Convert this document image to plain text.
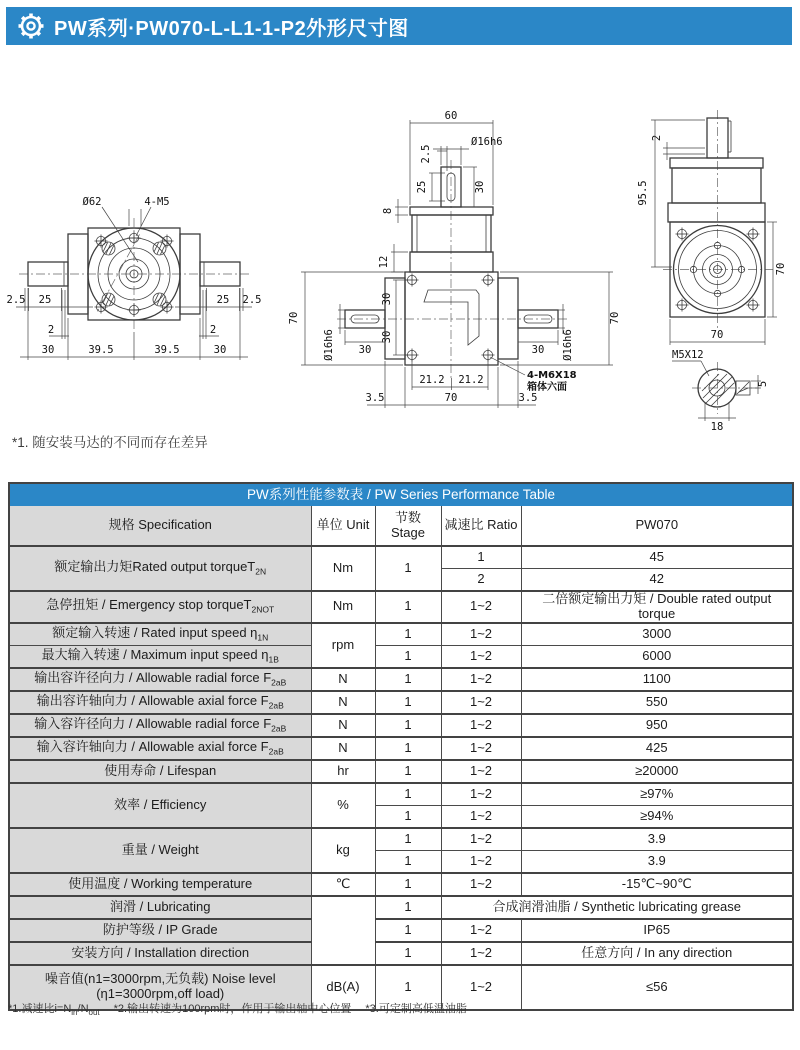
PW系列·PW070-L-L1-1-P2外形尺寸图
Ø62	4-M5
2.5 25	25 2.5
2	2
30	39.5	39.5	30
60
2.5
Ø16h6
25	30
8
12
70
30
30
Ø16h6	Ø16h6
30	30
21.2 21.2	4-M6X18
箱体六面
3.5	70	3.5
70
2
95.5
70
70
M5X12
5
18
*1. 随安装马达的不同而存在差异
PW系列性能参数表 / PW Series Performance Table				
规格 Specification	单位 Unit	节数 Stage	减速比 Ratio	PW070
额定输出力矩Rated output torqueT$_{2N}$	Nm	1	1	45
			2	42
急停扭矩 / Emergency stop torqueT$_{2NOT}$	Nm	1	1~2	二倍额定输出力矩 / Double rated output torque
额定输入转速 / Rated input speed $\eta_{1N}$	rpm	1	1~2	3000
最大输入转速 / Maximum input speed $\eta_{1B}$		1	1~2	6000
输出容许径向力 / Allowable radial force $F_{2aB}$	N	1	1~2	1100
输出容许轴向力 / Allowable axial force $F_{2aB}$	N	1	1~2	550
输入容许径向力 / Allowable radial force $F_{2aB}$	N	1	1~2	950
输入容许轴向力 / Allowable axial force $F_{2aB}$	N	1	1~2	425
使用寿命 / Lifespan	hr	1	1~2	≥20000
效率 / Efficiency	%	1	1~2	≥97%
		1	1~2	≥94%
重量 / Weight	kg	1	1~2	3.9
		1	1~2	3.9
使用温度 / Working temperature	℃	1	1~2	-15℃~90℃
润滑 / Lubricating		1	合成润滑油脂 / Synthetic lubricating grease	
防护等级 / IP Grade		1	1~2	IP65
安装方向 / Installation direction		1	1~2	任意方向 / In any direction

噪音值(n1=3000rpm,无负载) Noise level
(η1=3000rpm,off load)	dB(A)	1	1~2	≤56
*1.减速比$i=N_{in}/N_{out}$ *2.输出转速为100rpm时，作用于输出轴中心位置 *3.可定制高低温油脂
